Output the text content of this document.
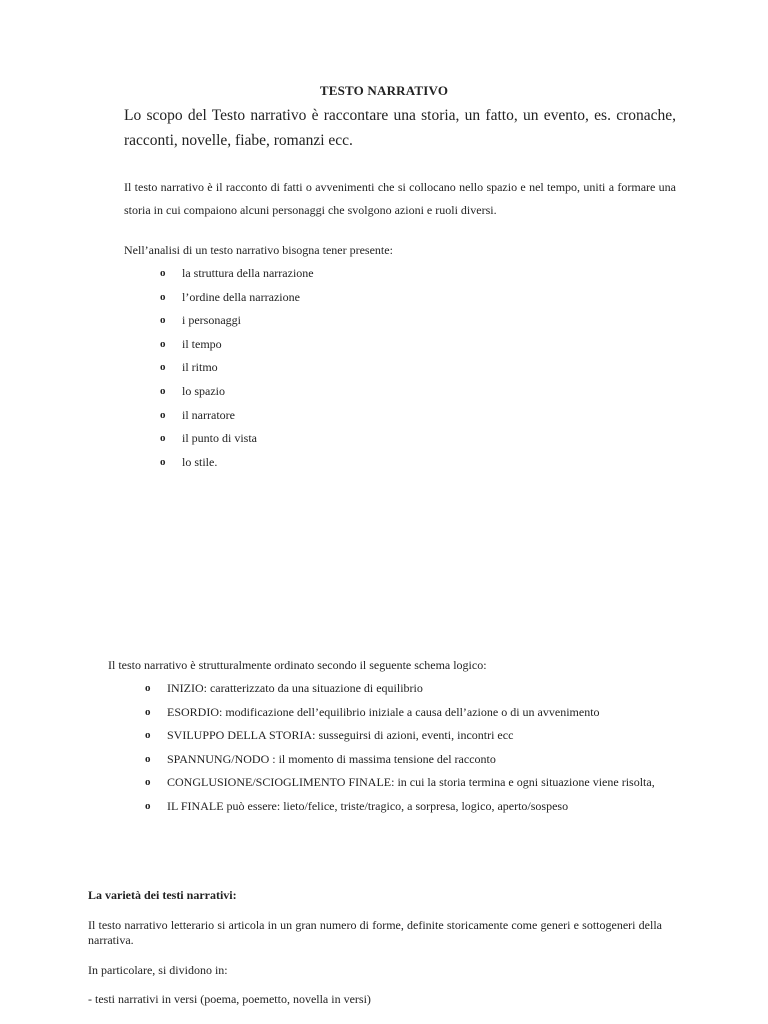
TESTO NARRATIVO

Lo scopo del Testo narrativo è raccontare una storia, un fatto, un evento, es. cronache, racconti, novelle, fiabe, romanzi ecc.

Il testo narrativo è il racconto di fatti o avvenimenti che si collocano nello spazio e nel tempo, uniti a formare una storia in cui compaiono alcuni personaggi che svolgono azioni e ruoli diversi.

Nell’analisi di un testo narrativo bisogna tener presente:

o	la struttura della narrazione
o	l’ordine della narrazione
o	i personaggi
o	il tempo
o	il ritmo
o	lo spazio
o	il narratore
o	il punto di vista
o	lo stile.

Il testo narrativo è strutturalmente ordinato secondo il seguente schema logico:

o	INIZIO: caratterizzato da una situazione di equilibrio
o	ESORDIO: modificazione dell’equilibrio iniziale a causa dell’azione o di un avvenimento
o	SVILUPPO DELLA STORIA: susseguirsi di azioni, eventi, incontri ecc
o	SPANNUNG/NODO : il momento di massima tensione del racconto
o	CONGLUSIONE/SCIOGLIMENTO FINALE: in cui la storia termina e ogni situazione viene risolta,
o	IL FINALE può essere: lieto/felice, triste/tragico, a sorpresa, logico, aperto/sospeso

La varietà dei testi narrativi:

Il testo narrativo letterario si articola in un gran numero di forme, definite storicamente come generi e sottogeneri della narrativa.

In particolare, si dividono in:

- testi narrativi in versi (poema, poemetto, novella in versi)
